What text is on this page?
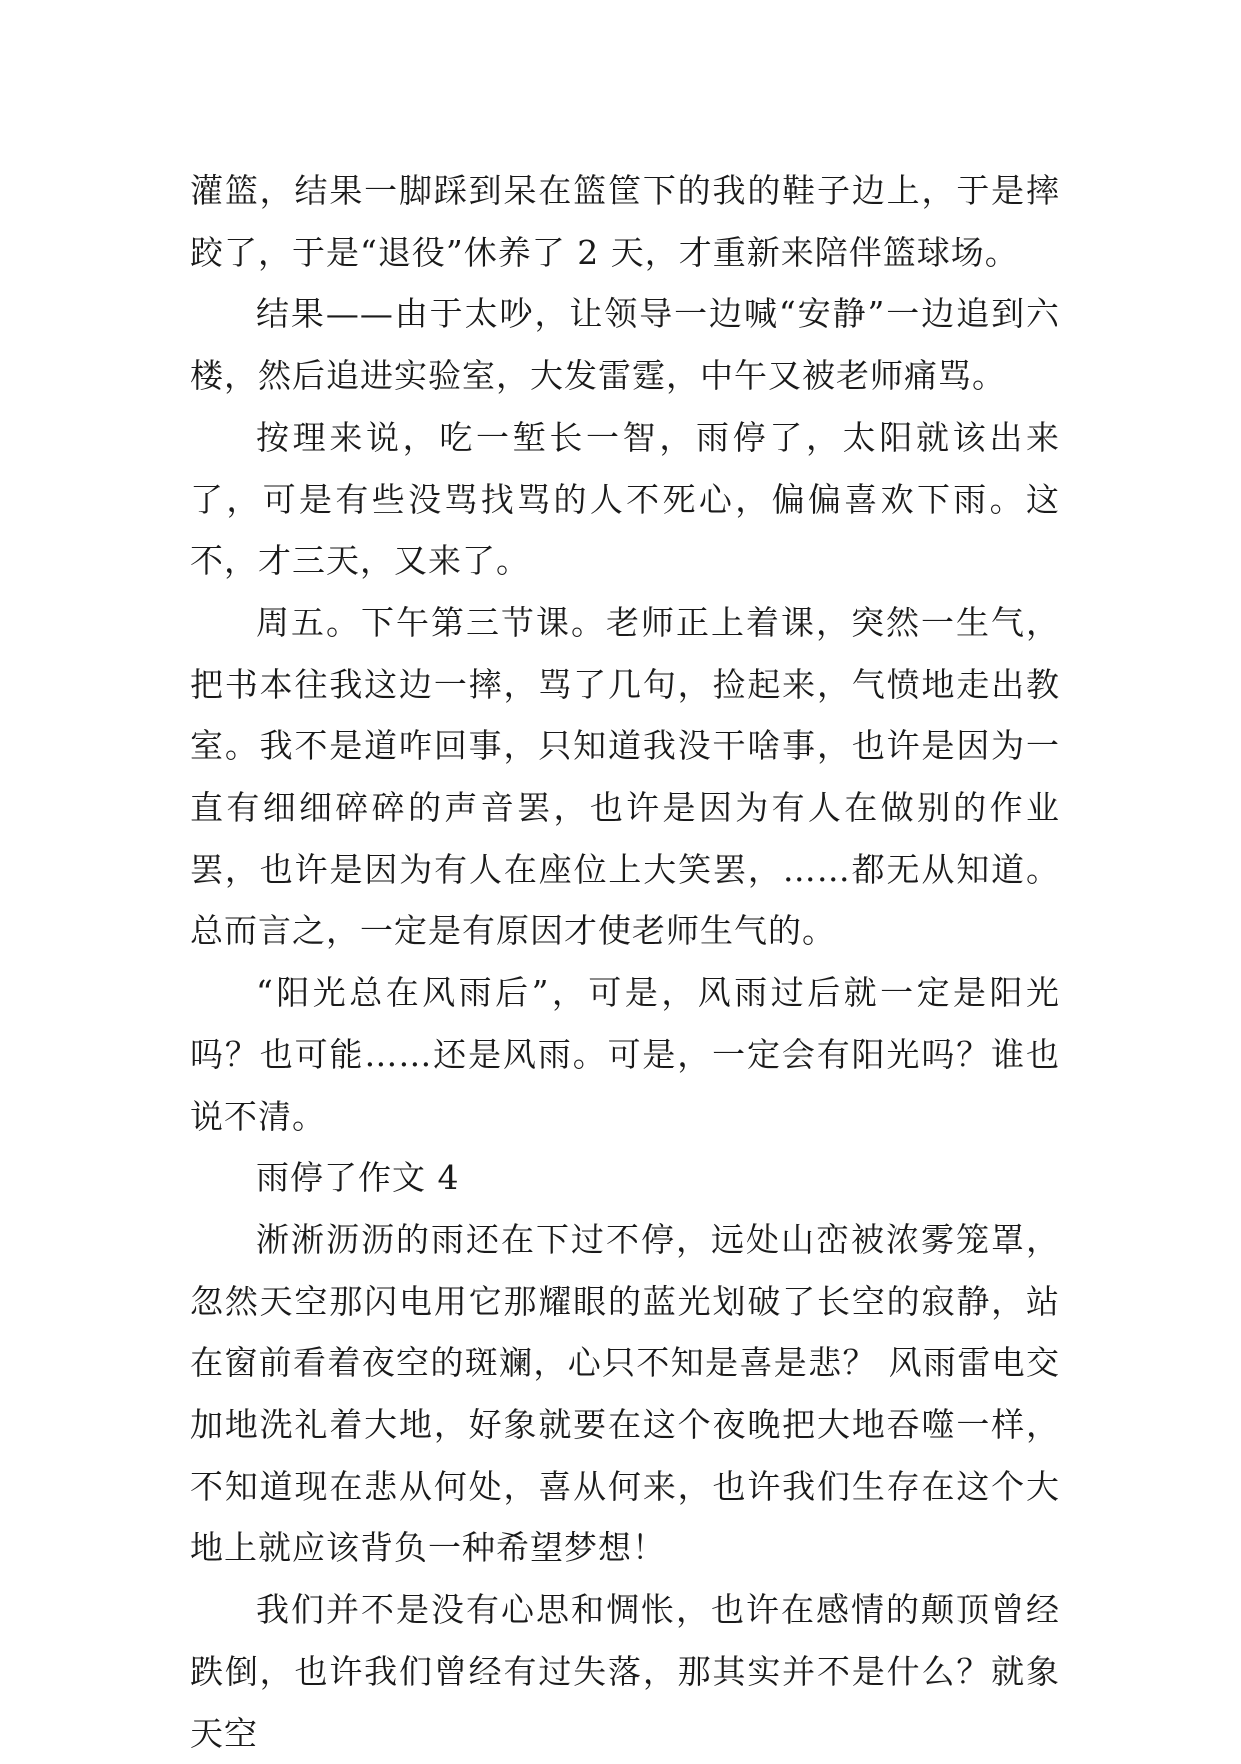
灌篮，结果一脚踩到呆在篮筐下的我的鞋子边上，于是摔跤了，于是“退役”休养了 2 天，才重新来陪伴篮球场。

结果——由于太吵，让领导一边喊“安静”一边追到六楼，然后追进实验室，大发雷霆，中午又被老师痛骂。

按理来说，吃一堑长一智，雨停了，太阳就该出来了，可是有些没骂找骂的人不死心，偏偏喜欢下雨。这不，才三天，又来了。

周五。下午第三节课。老师正上着课，突然一生气，把书本往我这边一摔，骂了几句，捡起来，气愤地走出教室。我不是道咋回事，只知道我没干啥事，也许是因为一直有细细碎碎的声音罢，也许是因为有人在做别的作业罢，也许是因为有人在座位上大笑罢，……都无从知道。总而言之，一定是有原因才使老师生气的。

“阳光总在风雨后”，可是，风雨过后就一定是阳光吗？也可能……还是风雨。可是，一定会有阳光吗？谁也说不清。

雨停了作文 4

淅淅沥沥的雨还在下过不停，远处山峦被浓雾笼罩，忽然天空那闪电用它那耀眼的蓝光划破了长空的寂静，站在窗前看着夜空的斑斓，心只不知是喜是悲？ 风雨雷电交加地洗礼着大地，好象就要在这个夜晚把大地吞噬一样，不知道现在悲从何处，喜从何来，也许我们生存在这个大地上就应该背负一种希望梦想！

我们并不是没有心思和惆怅，也许在感情的颠顶曾经跌倒，也许我们曾经有过失落，那其实并不是什么？就象天空
